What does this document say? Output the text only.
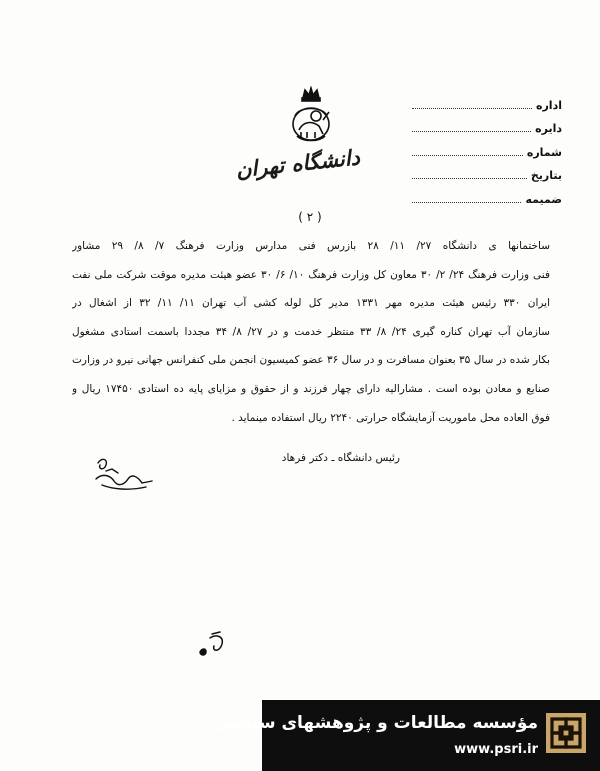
دانشگاه تهران
اداره
دایره
شماره
بتاریخ
ضمیمه
( ۲ )
ساختمانها ی دانشگاه ۲۷/ ۱۱/ ۲۸ بازرس فنی مدارس وزارت فرهنگ ۷/ ۸/ ۲۹ مشاور
فنی وزارت فرهنگ ۲۴/ ۲/ ۳۰ معاون کل وزارت فرهنگ ۱۰/ ۶/ ۳۰ عضو هیئت مدیره موقت شرکت ملی نفت
ایران ۳۳۰ رئیس هیئت مدیره مهر ۱۳۳۱ مدیر کل لوله کشی آب تهران ۱۱/ ۱۱/ ۳۲ از اشغال در
سازمان آب تهران کناره گیری ۲۴/ ۸/ ۳۳ منتظر خدمت و در ۲۷/ ۸/ ۳۴ مجددا باسمت استادی مشغول
بکار شده در سال ۳۵ بعنوان مسافرت و در سال ۳۶ عضو کمیسیون انجمن ملی کنفرانس جهانی نیرو در وزارت
صنایع و معادن بوده است . مشارالیه دارای چهار فرزند و از حقوق و مزایای پایه ده استادی ۱۷۴۵۰ ریال و
فوق العاده محل ماموریت آزمایشگاه حرارتی ۲۲۴۰ ریال استفاده مینماید .
رئیس دانشگاه ـ دکتر فرهاد
مؤسسه مطالعات و پژوهشهای سیاسی
www.psri.ir
